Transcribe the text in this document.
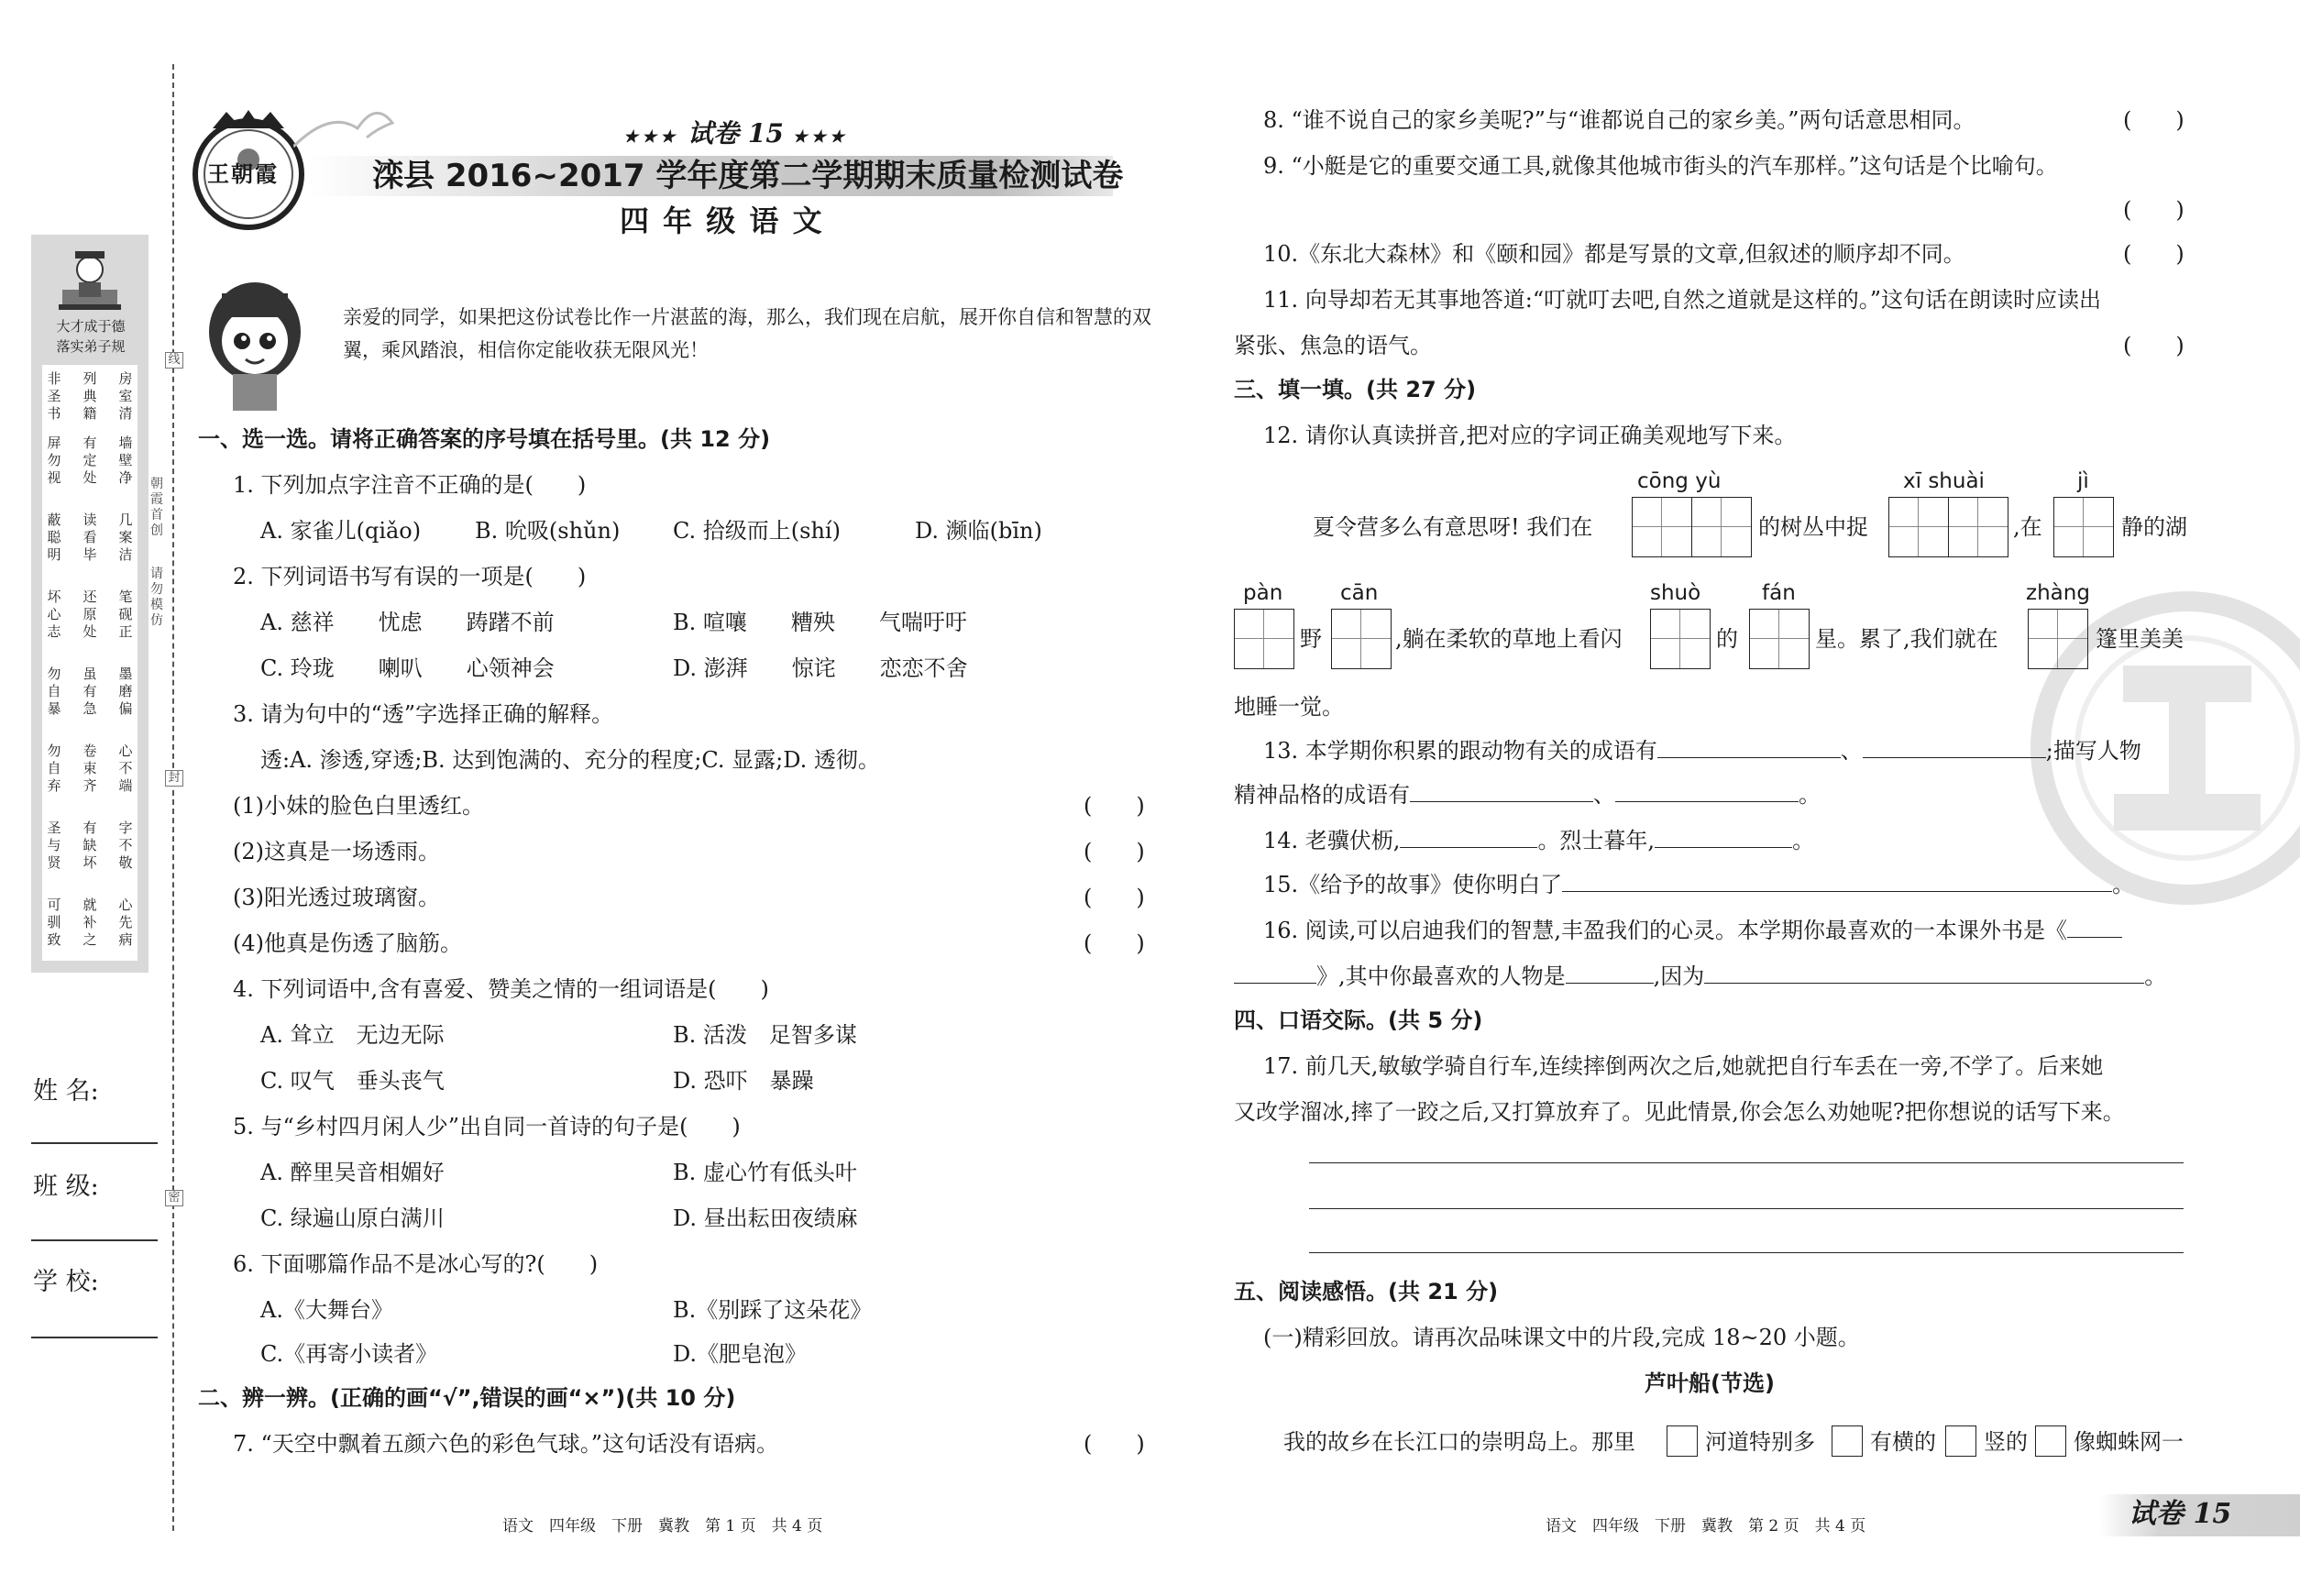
线
封
密
朝霞首创
请勿模仿
大才成于德
落实弟子规
非圣书
屏勿视
蔽聪明
坏心志
勿自暴
勿自弃
圣与贤
可驯致
列典籍
有定处
读看毕
还原处
虽有急
卷束齐
有缺坏
就补之
房室清
墙壁净
几案洁
笔砚正
墨磨偏
心不端
字不敬
心先病
姓 名:
班 级:
学 校:
王朝霞
★★★ 试卷 15 ★★★
滦县 2016~2017 学年度第二学期期末质量检测试卷
四 年 级 语 文
亲爱的同学，如果把这份试卷比作一片湛蓝的海，那么，我们现在启航，展开你自信和智慧的双翼，乘风踏浪，相信你定能收获无限风光！
一、选一选。请将正确答案的序号填在括号里。(共 12 分)
1. 下列加点字注音不正确的是(　　)
A. 家雀儿(qiǎo) B. 吮吸(shǔn) C. 拾级而上(shí)	D. 濒临(bīn)
2. 下列词语书写有误的一项是(　　)
A. 慈祥　　忧虑　　踌躇不前	B. 喧嚷　　糟殃　　气喘吁吁
C. 玲珑　　喇叭　　心领神会	D. 澎湃　　惊诧　　恋恋不舍
3. 请为句中的“透”字选择正确的解释。
透:A. 渗透,穿透;B. 达到饱满的、充分的程度;C. 显露;D. 透彻。
(1)小妹的脸色白里透红。	(　　)
(2)这真是一场透雨。	(　　)
(3)阳光透过玻璃窗。	(　　)
(4)他真是伤透了脑筋。	(　　)
4. 下列词语中,含有喜爱、赞美之情的一组词语是(　　)
A. 耸立　无边无际	B. 活泼　足智多谋
C. 叹气　垂头丧气	D. 恐吓　暴躁
5. 与“乡村四月闲人少”出自同一首诗的句子是(　　)
A. 醉里吴音相媚好	B. 虚心竹有低头叶
C. 绿遍山原白满川	D. 昼出耘田夜绩麻
6. 下面哪篇作品不是冰心写的?(　　)
A.《大舞台》	B.《别踩了这朵花》
C.《再寄小读者》	D.《肥皂泡》
二、辨一辨。(正确的画“√”,错误的画“×”)(共 10 分)
7. “天空中飘着五颜六色的彩色气球。”这句话没有语病。	(　　)
语文　四年级　下册　冀教　第 1 页　共 4 页
8. “谁不说自己的家乡美呢?”与“谁都说自己的家乡美。”两句话意思相同。	(　　)
9. “小艇是它的重要交通工具,就像其他城市街头的汽车那样。”这句话是个比喻句。
(　　)
10.《东北大森林》和《颐和园》都是写景的文章,但叙述的顺序却不同。	(　　)
11. 向导却若无其事地答道:“叮就叮去吧,自然之道就是这样的。”这句话在朗读时应读出
紧张、焦急的语气。	(　　)
三、填一填。(共 27 分)
12. 请你认真读拼音,把对应的字词正确美观地写下来。
cōng yù	xī shuài	jì
夏令营多么有意思呀! 我们在	的树丛中捉	,在	静的湖
pàn	cān	shuò	fán	zhàng
野	,躺在柔软的草地上看闪	的	星。累了,我们就在	篷里美美
地睡一觉。
13. 本学期你积累的跟动物有关的成语有	、	;描写人物
精神品格的成语有	、	。
14. 老骥伏枥,	。烈士暮年,	。
15.《给予的故事》使你明白了	。
16. 阅读,可以启迪我们的智慧,丰盈我们的心灵。本学期你最喜欢的一本课外书是《
》,其中你最喜欢的人物是	,因为	。
四、口语交际。(共 5 分)
17. 前几天,敏敏学骑自行车,连续摔倒两次之后,她就把自行车丢在一旁,不学了。后来她
又改学溜冰,摔了一跤之后,又打算放弃了。见此情景,你会怎么劝她呢?把你想说的话写下来。
五、阅读感悟。(共 21 分)
(一)精彩回放。请再次品味课文中的片段,完成 18~20 小题。
芦叶船(节选)
我的故乡在长江口的崇明岛上。那里	河道特别多	有横的 竖的 像蜘蛛网一
语文　四年级　下册　冀教　第 2 页　共 4 页	试卷 15
